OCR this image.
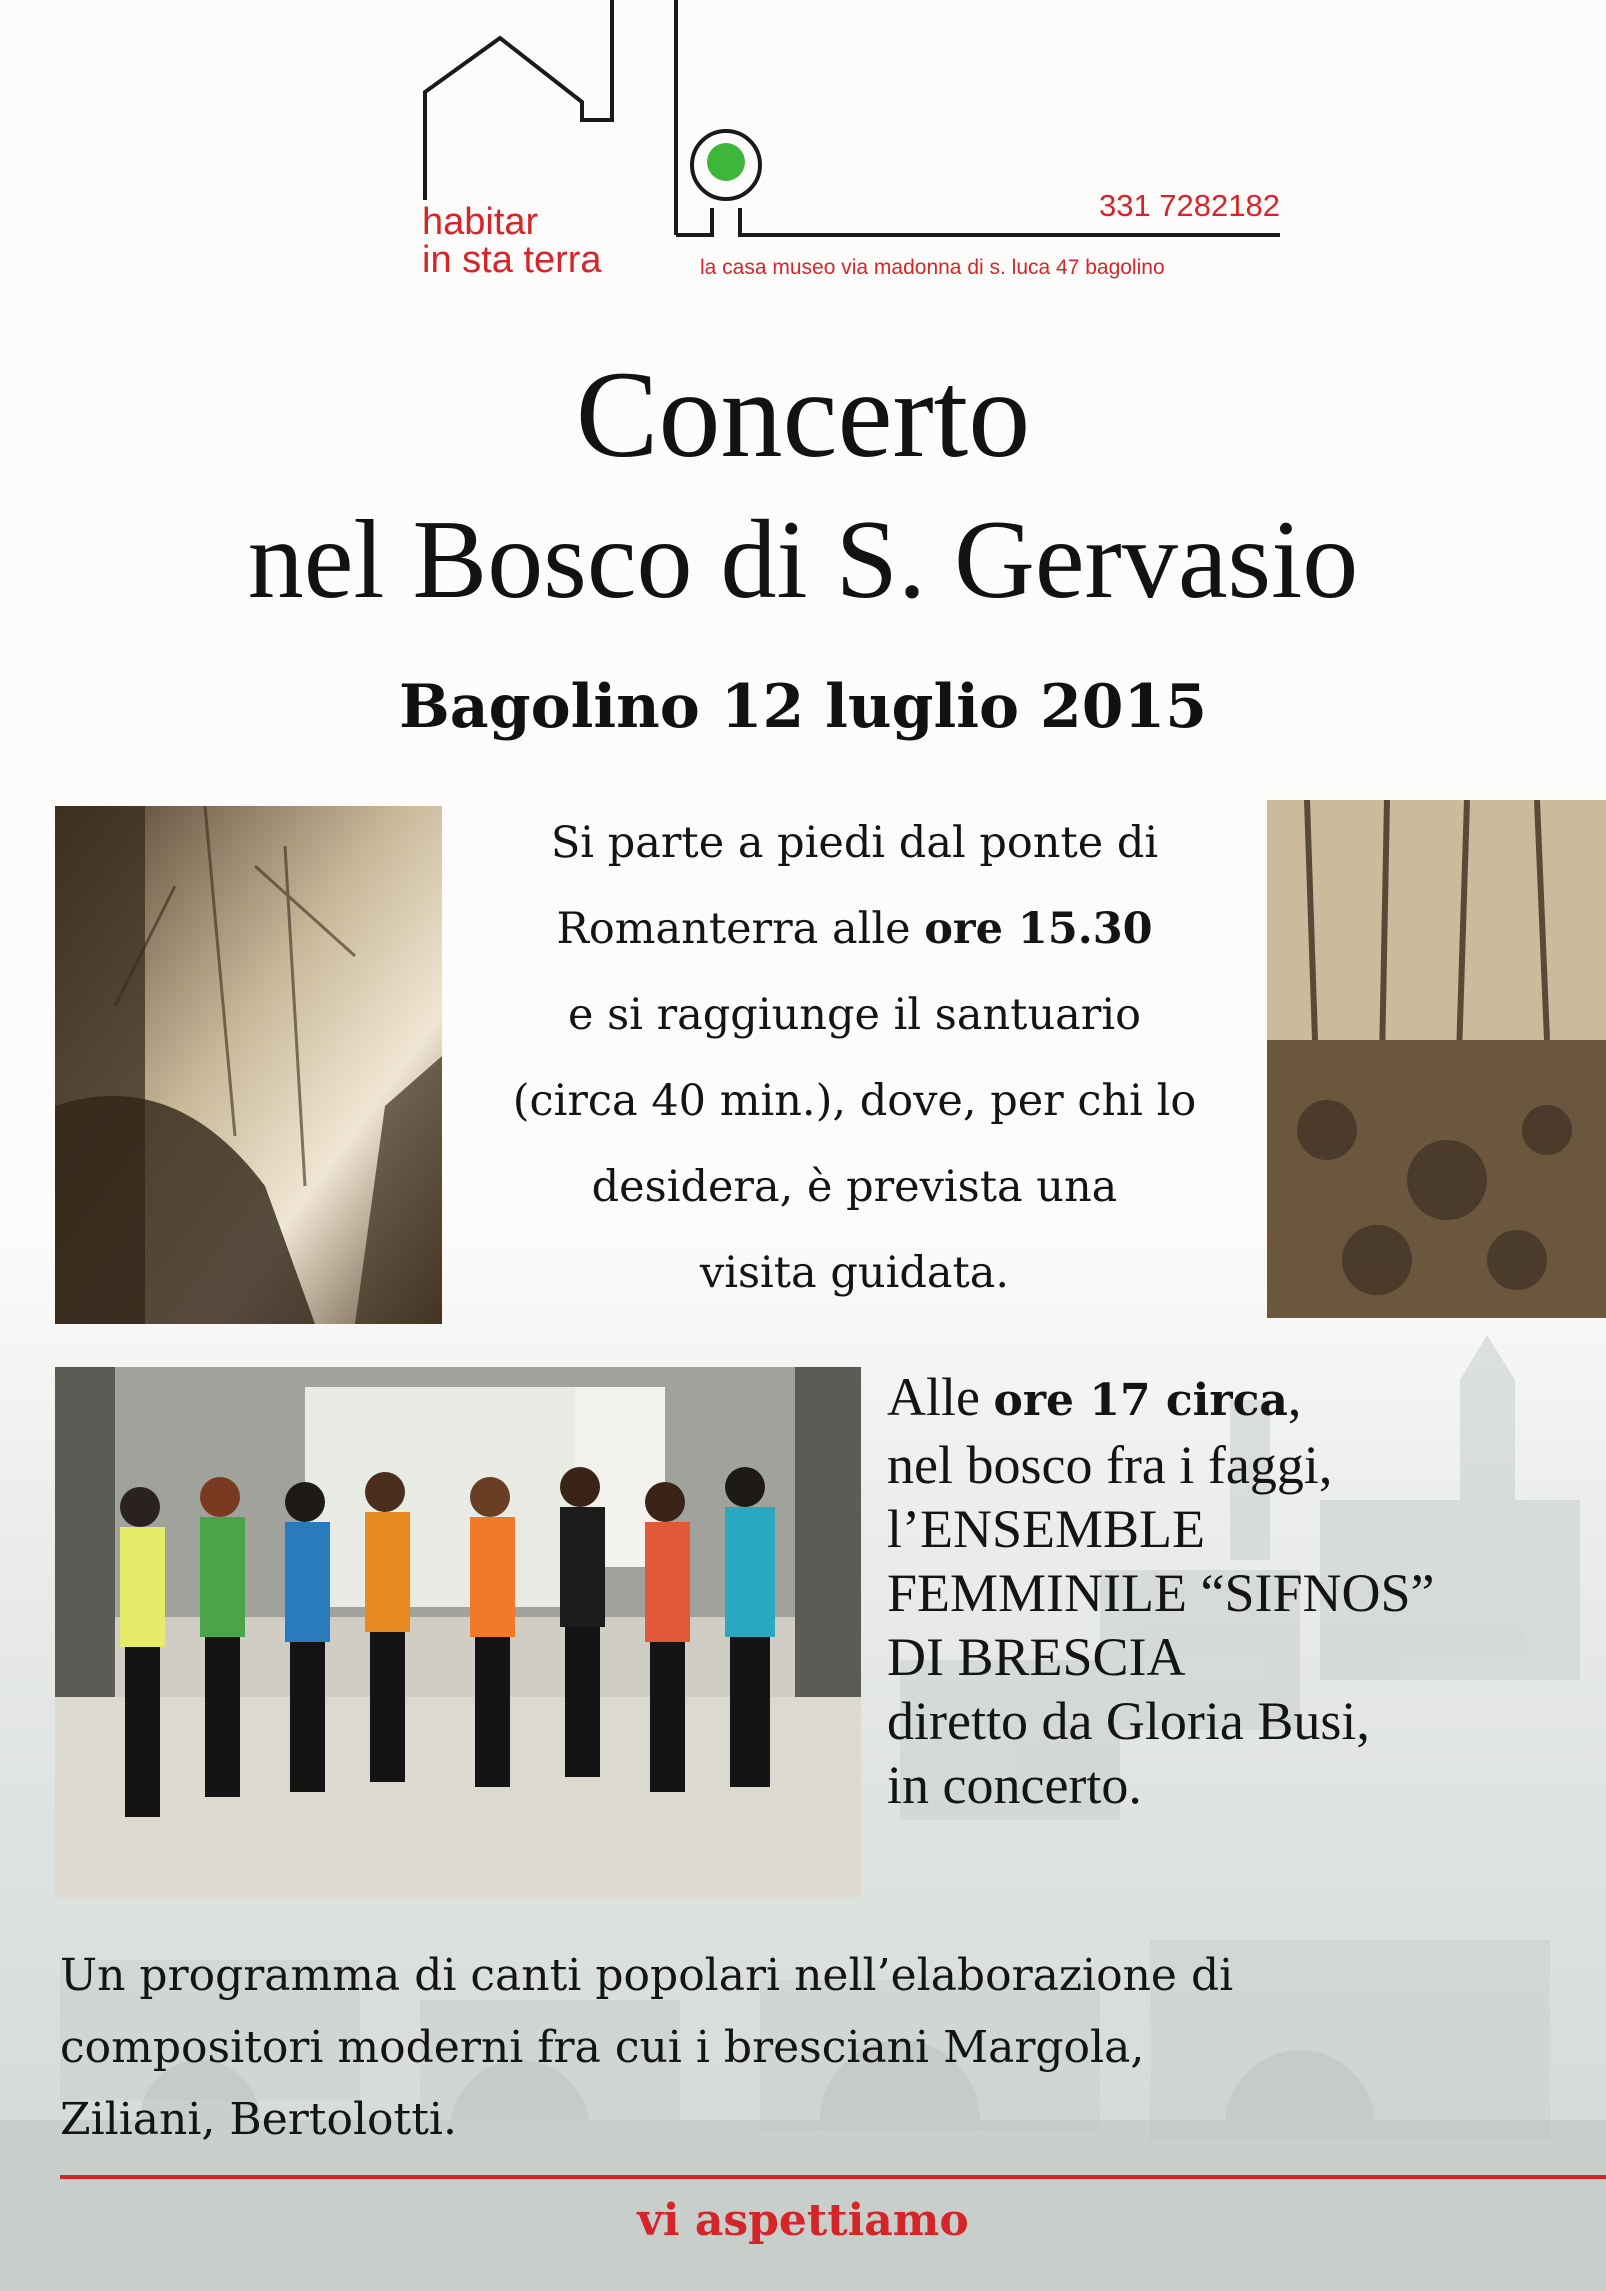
habitar
in sta terra
331 7282182
la casa museo via madonna di s. luca 47 bagolino
Concerto
nel Bosco di S. Gervasio
Bagolino 12 luglio 2015
Si parte a piedi dal ponte di
Romanterra alle ore 15.30
e si raggiunge il santuario
(circa 40 min.), dove, per chi lo
desidera, è prevista una
visita guidata.
Alle ore 17 circa,
nel bosco fra i faggi,
l’ENSEMBLE
FEMMINILE “SIFNOS”
DI BRESCIA
diretto da Gloria Busi,
in concerto.
Un programma di canti popolari nell’elaborazione di
compositori moderni fra cui i bresciani Margola,
Ziliani, Bertolotti.
vi aspettiamo
